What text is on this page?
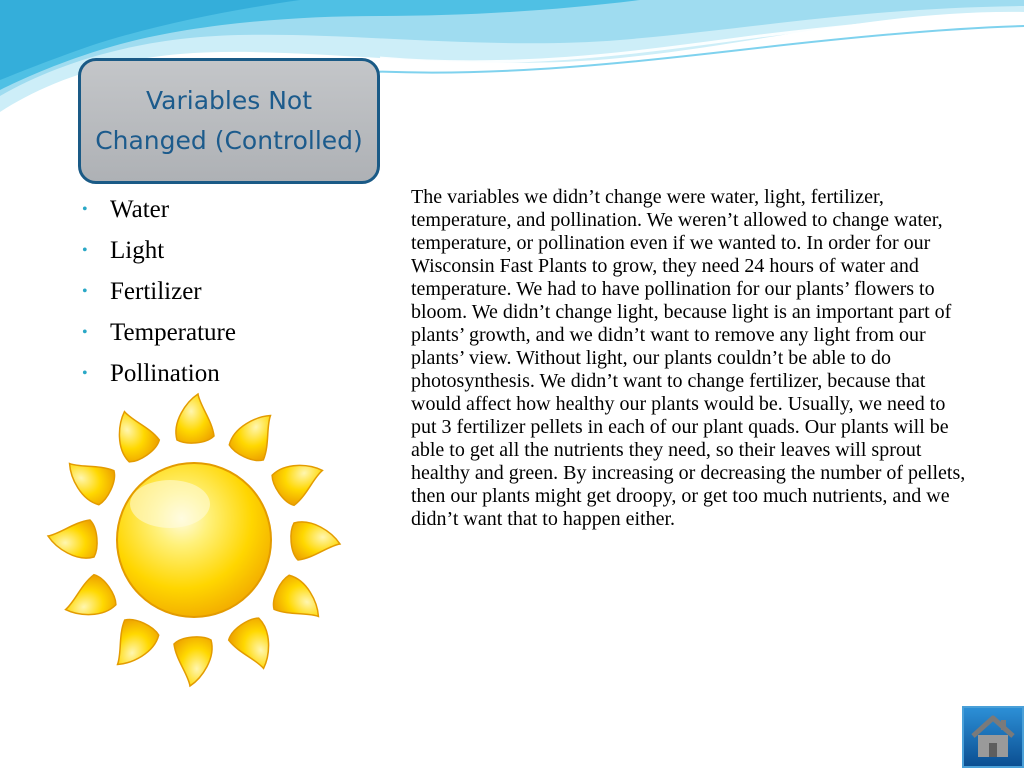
Variables Not Changed (Controlled)
• Water
• Light
• Fertilizer
• Temperature
• Pollination

The variables we didn’t change were water, light, fertilizer, temperature, and pollination. We weren’t allowed to change water, temperature, or pollination even if we wanted to. In order for our Wisconsin Fast Plants to grow, they need 24 hours of water and temperature. We had to have pollination for our plants’ flowers to bloom. We didn’t change light, because light is an important part of plants’ growth, and we didn’t want to remove any light from our plants’ view. Without light, our plants couldn’t be able to do photosynthesis. We didn’t want to change fertilizer, because that would affect how healthy our plants would be. Usually, we need to put 3 fertilizer pellets in each of our plant quads. Our plants will be able to get all the nutrients they need, so their leaves will sprout healthy and green. By increasing or decreasing the number of pellets, then our plants might get droopy, or get too much nutrients, and we didn’t want that to happen either.
